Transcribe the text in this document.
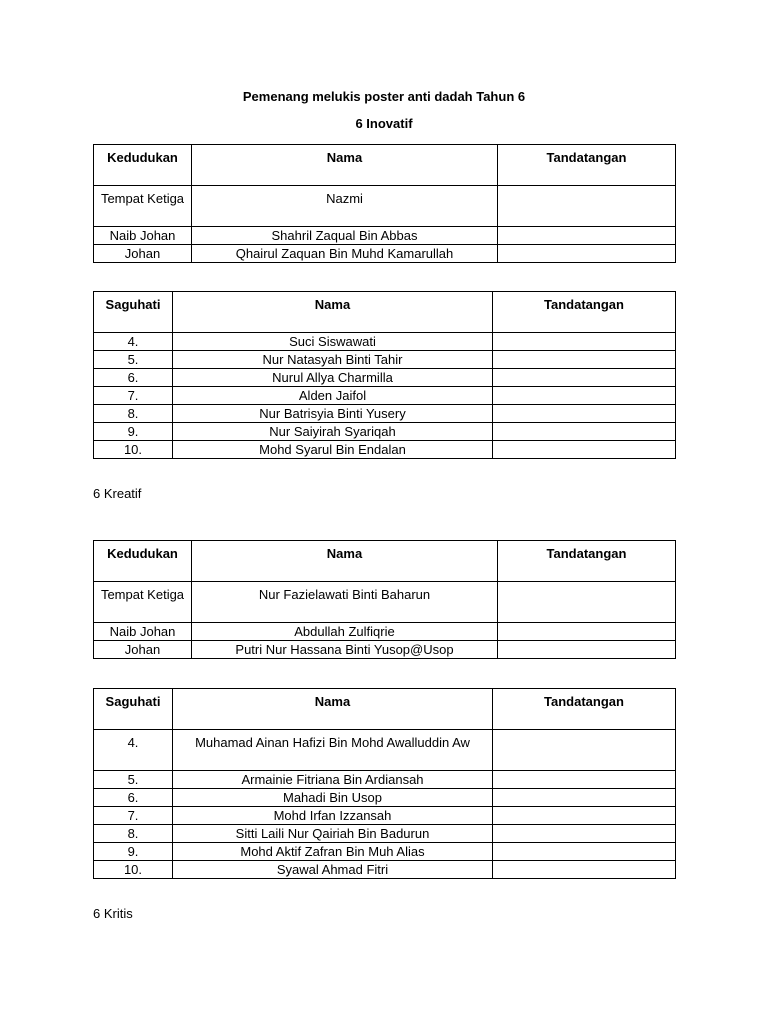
Pemenang melukis poster anti dadah Tahun 6
6 Inovatif
Kedudukan	Nama	Tandatangan
Tempat Ketiga	Nazmi	
Naib Johan	Shahril Zaqual Bin Abbas	
Johan	Qhairul Zaquan Bin Muhd Kamarullah	
Saguhati	Nama	Tandatangan
4.	Suci Siswawati	
5.	Nur Natasyah Binti Tahir	
6.	Nurul Allya Charmilla	
7.	Alden Jaifol	
8.	Nur Batrisyia Binti Yusery	
9.	Nur Saiyirah Syariqah	
10.	Mohd Syarul Bin Endalan	
6 Kreatif
Kedudukan	Nama	Tandatangan
Tempat Ketiga	Nur Fazielawati Binti Baharun	
Naib Johan	Abdullah Zulfiqrie	
Johan	Putri Nur Hassana Binti Yusop@Usop	
Saguhati	Nama	Tandatangan
4.	Muhamad Ainan Hafizi Bin Mohd Awalluddin Aw	
5.	Armainie Fitriana Bin Ardiansah	
6.	Mahadi Bin Usop	
7.	Mohd Irfan Izzansah	
8.	Sitti Laili Nur Qairiah Bin Badurun	
9.	Mohd Aktif Zafran Bin Muh Alias	
10.	Syawal Ahmad Fitri	
6 Kritis
